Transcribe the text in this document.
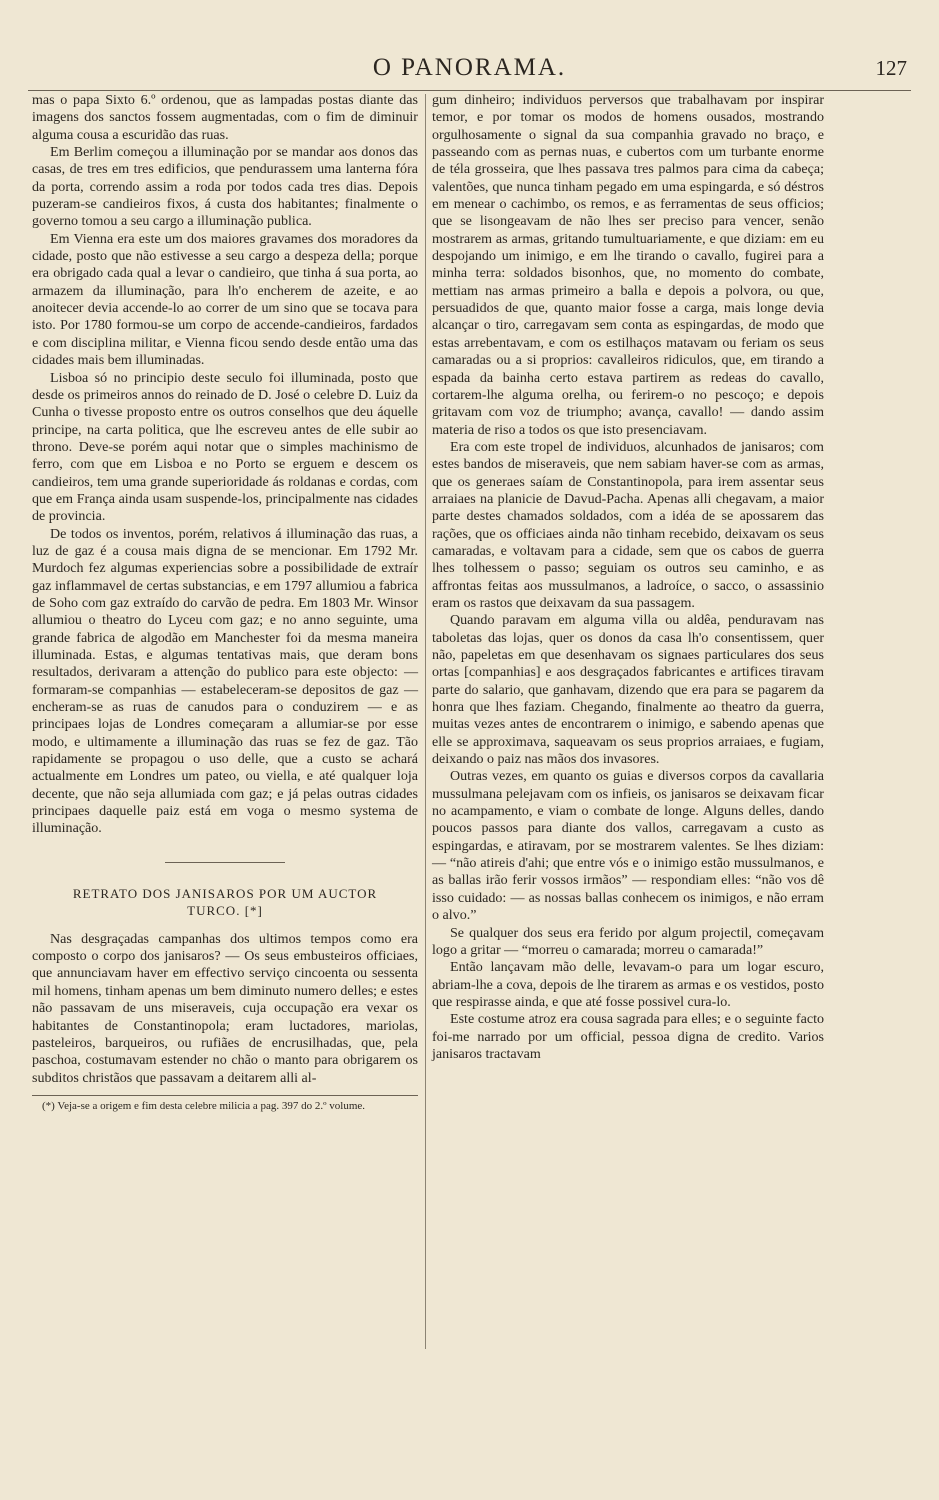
O PANORAMA.	127

mas o papa Sixto 6.º ordenou, que as lampadas postas diante das imagens dos sanctos fossem augmentadas, com o fim de diminuir alguma cousa a escuridão das ruas.

Em Berlim começou a illuminação por se mandar aos donos das casas, de tres em tres edificios, que pendurassem uma lanterna fóra da porta, correndo assim a roda por todos cada tres dias. Depois puzeram-se candieiros fixos, á custa dos habitantes; finalmente o governo tomou a seu cargo a illuminação publica.

Em Vienna era este um dos maiores gravames dos moradores da cidade, posto que não estivesse a seu cargo a despeza della; porque era obrigado cada qual a levar o candieiro, que tinha á sua porta, ao armazem da illuminação, para lh'o encherem de azeite, e ao anoitecer devia accende-lo ao correr de um sino que se tocava para isto. Por 1780 formou-se um corpo de accende-candieiros, fardados e com disciplina militar, e Vienna ficou sendo desde então uma das cidades mais bem illuminadas.

Lisboa só no principio deste seculo foi illuminada, posto que desde os primeiros annos do reinado de D. José o celebre D. Luiz da Cunha o tivesse proposto entre os outros conselhos que deu áquelle principe, na carta politica, que lhe escreveu antes de elle subir ao throno. Deve-se porém aqui notar que o simples machinismo de ferro, com que em Lisboa e no Porto se erguem e descem os candieiros, tem uma grande superioridade ás roldanas e cordas, com que em França ainda usam suspende-los, principalmente nas cidades de provincia.

De todos os inventos, porém, relativos á illuminação das ruas, a luz de gaz é a cousa mais digna de se mencionar. Em 1792 Mr. Murdoch fez algumas experiencias sobre a possibilidade de extraír gaz inflammavel de certas substancias, e em 1797 allumiou a fabrica de Soho com gaz extraído do carvão de pedra. Em 1803 Mr. Winsor allumiou o theatro do Lyceu com gaz; e no anno seguinte, uma grande fabrica de algodão em Manchester foi da mesma maneira illuminada. Estas, e algumas tentativas mais, que deram bons resultados, derivaram a attenção do publico para este objecto: — formaram-se companhias — estabeleceram-se depositos de gaz — encheram-se as ruas de canudos para o conduzirem — e as principaes lojas de Londres começaram a allumiar-se por esse modo, e ultimamente a illuminação das ruas se fez de gaz. Tão rapidamente se propagou o uso delle, que a custo se achará actualmente em Londres um pateo, ou viella, e até qualquer loja decente, que não seja allumiada com gaz; e já pelas outras cidades principaes daquelle paiz está em voga o mesmo systema de illuminação.

RETRATO DOS JANISAROS POR UM AUCTOR
TURCO. [*]

Nas desgraçadas campanhas dos ultimos tempos como era composto o corpo dos janisaros? — Os seus embusteiros officiaes, que annunciavam haver em effectivo serviço cincoenta ou sessenta mil homens, tinham apenas um bem diminuto numero delles; e estes não passavam de uns miseraveis, cuja occupação era vexar os habitantes de Constantinopola; eram luctadores, mariolas, pasteleiros, barqueiros, ou rufiães de encrusilhadas, que, pela paschoa, costumavam estender no chão o manto para obrigarem os subditos christãos que passavam a deitarem alli al-

(*) Veja-se a origem e fim desta celebre milicia a pag. 397 do 2.º volume.

gum dinheiro; individuos perversos que trabalhavam por inspirar temor, e por tomar os modos de homens ousados, mostrando orgulhosamente o signal da sua companhia gravado no braço, e passeando com as pernas nuas, e cubertos com um turbante enorme de téla grosseira, que lhes passava tres palmos para cima da cabeça; valentões, que nunca tinham pegado em uma espingarda, e só déstros em menear o cachimbo, os remos, e as ferramentas de seus officios; que se lisongeavam de não lhes ser preciso para vencer, senão mostrarem as armas, gritando tumultuariamente, e que diziam: em eu despojando um inimigo, e em lhe tirando o cavallo, fugirei para a minha terra: soldados bisonhos, que, no momento do combate, mettiam nas armas primeiro a balla e depois a polvora, ou que, persuadidos de que, quanto maior fosse a carga, mais longe devia alcançar o tiro, carregavam sem conta as espingardas, de modo que estas arrebentavam, e com os estilhaços matavam ou feriam os seus camaradas ou a si proprios: cavalleiros ridiculos, que, em tirando a espada da bainha certo estava partirem as redeas do cavallo, cortarem-lhe alguma orelha, ou ferirem-o no pescoço; e depois gritavam com voz de triumpho; avança, cavallo! — dando assim materia de riso a todos os que isto presenciavam.

Era com este tropel de individuos, alcunhados de janisaros; com estes bandos de miseraveis, que nem sabiam haver-se com as armas, que os generaes saíam de Constantinopola, para irem assentar seus arraiaes na planicie de Davud-Pacha. Apenas alli chegavam, a maior parte destes chamados soldados, com a idéa de se apossarem das rações, que os officiaes ainda não tinham recebido, deixavam os seus camaradas, e voltavam para a cidade, sem que os cabos de guerra lhes tolhessem o passo; seguiam os outros seu caminho, e as affrontas feitas aos mussulmanos, a ladroíce, o sacco, o assassinio eram os rastos que deixavam da sua passagem.

Quando paravam em alguma villa ou aldêa, penduravam nas taboletas das lojas, quer os donos da casa lh'o consentissem, quer não, papeletas em que desenhavam os signaes particulares dos seus ortas [companhias] e aos desgraçados fabricantes e artifices tiravam parte do salario, que ganhavam, dizendo que era para se pagarem da honra que lhes faziam. Chegando, finalmente ao theatro da guerra, muitas vezes antes de encontrarem o inimigo, e sabendo apenas que elle se approximava, saqueavam os seus proprios arraiaes, e fugiam, deixando o paiz nas mãos dos invasores.

Outras vezes, em quanto os guias e diversos corpos da cavallaria mussulmana pelejavam com os infieis, os janisaros se deixavam ficar no acampamento, e viam o combate de longe. Alguns delles, dando poucos passos para diante dos vallos, carregavam a custo as espingardas, e atiravam, por se mostrarem valentes. Se lhes diziam: — “não atireis d'ahi; que entre vós e o inimigo estão mussulmanos, e as ballas irão ferir vossos irmãos” — respondiam elles: “não vos dê isso cuidado: — as nossas ballas conhecem os inimigos, e não erram o alvo.”

Se qualquer dos seus era ferido por algum projectil, começavam logo a gritar — “morreu o camarada; morreu o camarada!”

Então lançavam mão delle, levavam-o para um logar escuro, abriam-lhe a cova, depois de lhe tirarem as armas e os vestidos, posto que respirasse ainda, e que até fosse possivel cura-lo.

Este costume atroz era cousa sagrada para elles; e o seguinte facto foi-me narrado por um official, pessoa digna de credito. Varios janisaros tractavam
